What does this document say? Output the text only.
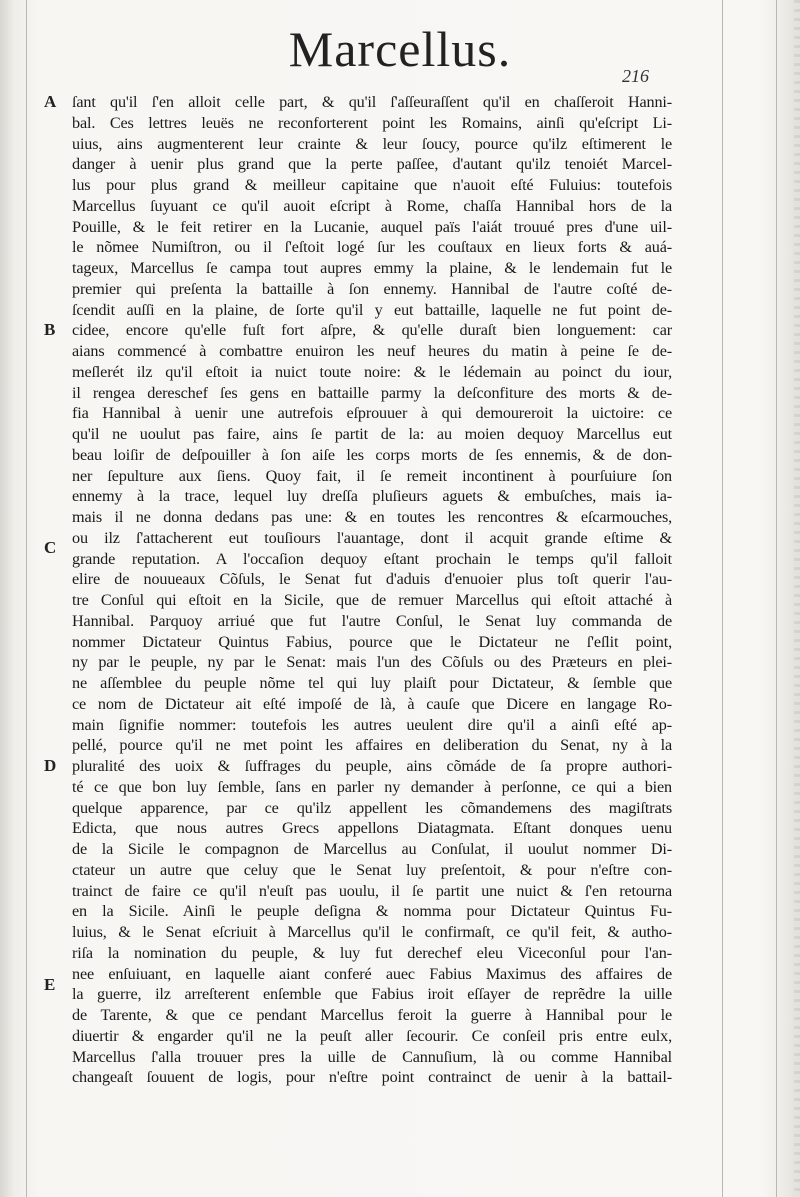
Marcellus.	216
A
B
C
D
E
ſant qu'il ſ'en alloit celle part, & qu'il ſ'aſſeuraſſent qu'il en chaſſeroit Hanni-
bal. Ces lettres leuës ne reconforterent point les Romains, ainſi qu'eſcript Li-
uius, ains augmenterent leur crainte & leur ſoucy, pource qu'ilz eſtimerent le
danger à uenir plus grand que la perte paſſee, d'autant qu'ilz tenoiét Marcel-
lus pour plus grand & meilleur capitaine que n'auoit eſté Fuluius: toutefois
Marcellus ſuyuant ce qu'il auoit eſcript à Rome, chaſſa Hannibal hors de la
Pouille, & le feit retirer en la Lucanie, auquel païs l'aiát trouué pres d'une uil-
le nõmee Numiſtron, ou il ſ'eſtoit logé ſur les couſtaux en lieux forts & auá-
tageux, Marcellus ſe campa tout aupres emmy la plaine, & le lendemain fut le
premier qui preſenta la battaille à ſon ennemy. Hannibal de l'autre coſté de-
ſcendit auſſi en la plaine, de ſorte qu'il y eut battaille, laquelle ne fut point de-
cidee, encore qu'elle fuſt fort aſpre, & qu'elle duraſt bien longuement: car
aians commencé à combattre enuiron les neuf heures du matin à peine ſe de-
meſlerét ilz qu'il eſtoit ia nuict toute noire: & le lédemain au poinct du iour,
il rengea dereschef ſes gens en battaille parmy la deſconfiture des morts & de-
fia Hannibal à uenir une autrefois eſprouuer à qui demoureroit la uictoire: ce
qu'il ne uoulut pas faire, ains ſe partit de la: au moien dequoy Marcellus eut
beau loiſir de deſpouiller à ſon aiſe les corps morts de ſes ennemis, & de don-
ner ſepulture aux ſiens. Quoy fait, il ſe remeit incontinent à pourſuiure ſon
ennemy à la trace, lequel luy dreſſa pluſieurs aguets & embuſches, mais ia-
mais il ne donna dedans pas une: & en toutes les rencontres & eſcarmouches,
ou ilz ſ'attacherent eut touſiours l'auantage, dont il acquit grande eſtime &
grande reputation. A l'occaſion dequoy eſtant prochain le temps qu'il falloit
elire de nouueaux Cõſuls, le Senat fut d'aduis d'enuoier plus toſt querir l'au-
tre Conſul qui eſtoit en la Sicile, que de remuer Marcellus qui eſtoit attaché à
Hannibal. Parquoy arriué que fut l'autre Conſul, le Senat luy commanda de
nommer Dictateur Quintus Fabius, pource que le Dictateur ne ſ'eſlit point,
ny par le peuple, ny par le Senat: mais l'un des Cõſuls ou des Præteurs en plei-
ne aſſemblee du peuple nõme tel qui luy plaiſt pour Dictateur, & ſemble que
ce nom de Dictateur ait eſté impoſé de là, à cauſe que Dicere en langage Ro-
main ſignifie nommer: toutefois les autres ueulent dire qu'il a ainſi eſté ap-
pellé, pource qu'il ne met point les affaires en deliberation du Senat, ny à la
pluralité des uoix & ſuffrages du peuple, ains cõmáde de ſa propre authori-
té ce que bon luy ſemble, ſans en parler ny demander à perſonne, ce qui a bien
quelque apparence, par ce qu'ilz appellent les cõmandemens des magiſtrats
Edicta, que nous autres Grecs appellons Diatagmata. Eſtant donques uenu
de la Sicile le compagnon de Marcellus au Conſulat, il uoulut nommer Di-
ctateur un autre que celuy que le Senat luy preſentoit, & pour n'eſtre con-
trainct de faire ce qu'il n'euſt pas uoulu, il ſe partit une nuict & ſ'en retourna
en la Sicile. Ainſi le peuple deſigna & nomma pour Dictateur Quintus Fu-
luius, & le Senat eſcriuit à Marcellus qu'il le confirmaſt, ce qu'il feit, & autho-
riſa la nomination du peuple, & luy fut derechef eleu Viceconſul pour l'an-
nee enſuiuant, en laquelle aiant conferé auec Fabius Maximus des affaires de
la guerre, ilz arreſterent enſemble que Fabius iroit eſſayer de reprẽdre la uille
de Tarente, & que ce pendant Marcellus feroit la guerre à Hannibal pour le
diuertir & engarder qu'il ne la peuſt aller ſecourir. Ce conſeil pris entre eulx,
Marcellus ſ'alla trouuer pres la uille de Cannuſium, là ou comme Hannibal
changeaſt ſouuent de logis, pour n'eſtre point contrainct de uenir à la battail-
